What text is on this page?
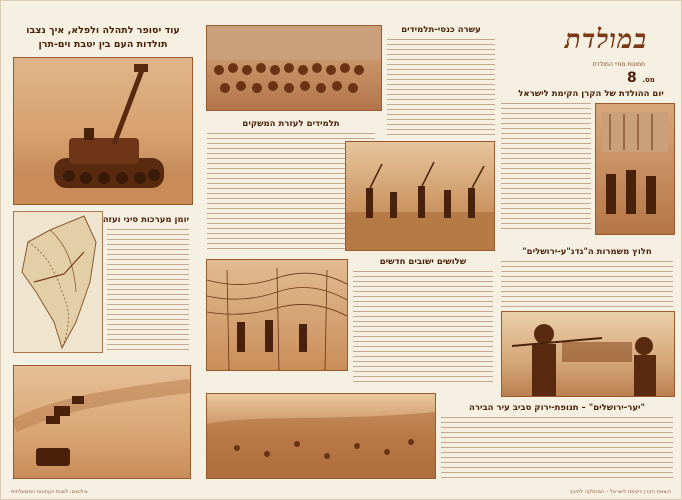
במולדת
תמונות מחיי המולדת
מס. 8
עוד יסופר לתהלה ולפלא, איך נצבו
תולדות העם בין יטבת וים-תרן
יומן מערכות סיני ועזה
תלמידים לעזרת המשקים
עשרה כנסי-תלמידים
שלושים ישובים חדשים
יום ההולדת של הקרן הקימת לישראל
חלוץ משמרות ה"גדנ"ע-ירושלים"
"יער-ירושלים" – תנופת-ירוק סביב עיר הבירה
צילומים: לשכת העתונות הממשלתית	הוצאת הקרן הקימת לישראל – המחלקה לחינוך
